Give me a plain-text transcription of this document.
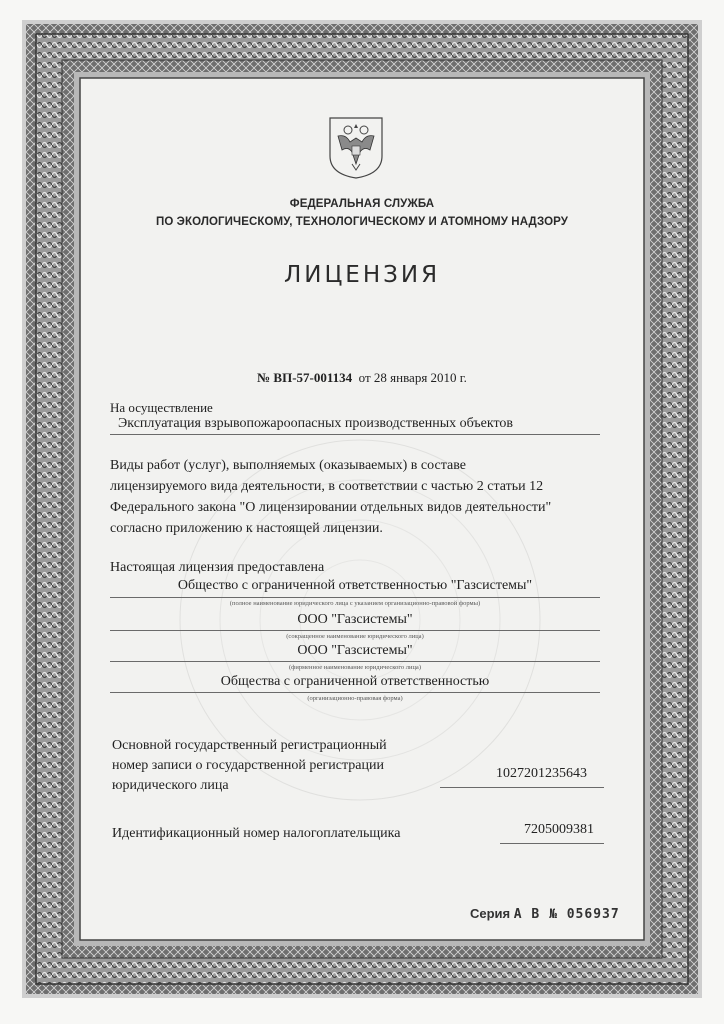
ФЕДЕРАЛЬНАЯ СЛУЖБА
ПО ЭКОЛОГИЧЕСКОМУ, ТЕХНОЛОГИЧЕСКОМУ И АТОМНОМУ НАДЗОРУ
ЛИЦЕНЗИЯ
№ ВП-57-001134 от 28 января 2010 г.
На осуществление
Эксплуатация взрывопожароопасных производственных объектов
Виды работ (услуг), выполняемых (оказываемых) в составе
лицензируемого вида деятельности, в соответствии с частью 2 статьи 12
Федерального закона "О лицензировании отдельных видов деятельности"
согласно приложению к настоящей лицензии.
Настоящая лицензия предоставлена
Общество с ограниченной ответственностью "Газсистемы"
(полное наименование юридического лица с указанием организационно-правовой формы)
ООО "Газсистемы"
(сокращенное наименование юридического лица)
ООО "Газсистемы"
(фирменное наименование юридического лица)
Общества с ограниченной ответственностью
(организационно-правовая форма)
Основной государственный регистрационный
номер записи о государственной регистрации
юридического лица
1027201235643
Идентификационный номер налогоплательщика	7205009381
Серия А В № 056937
